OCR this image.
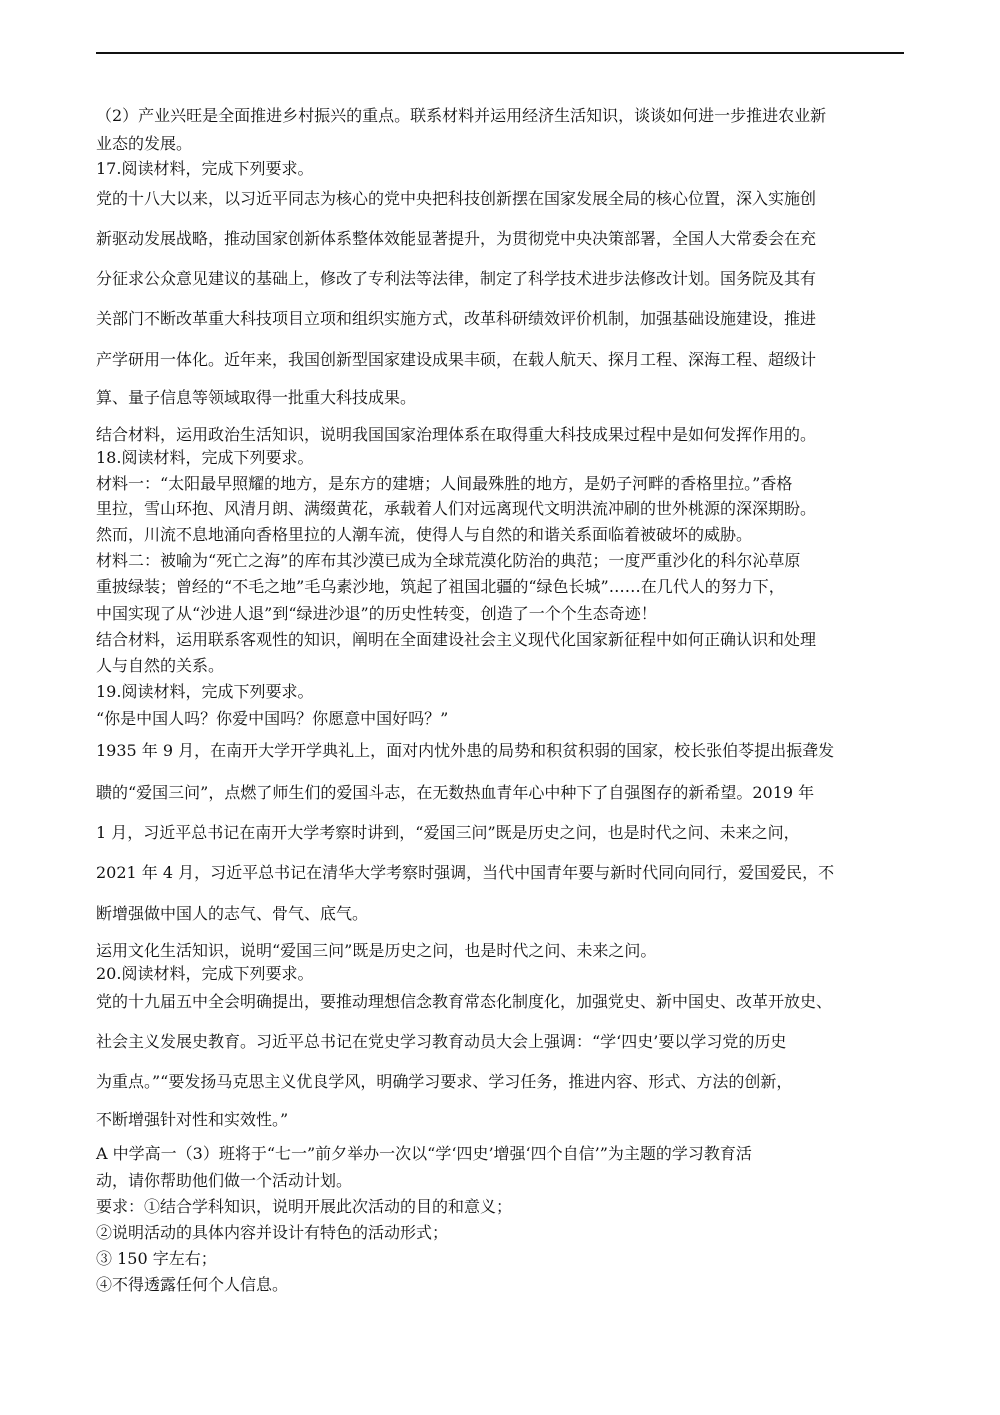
（2）产业兴旺是全面推进乡村振兴的重点。联系材料并运用经济生活知识，谈谈如何进一步推进农业新
业态的发展。
17.阅读材料，完成下列要求。
党的十八大以来，以习近平同志为核心的党中央把科技创新摆在国家发展全局的核心位置，深入实施创
新驱动发展战略，推动国家创新体系整体效能显著提升，为贯彻党中央决策部署，全国人大常委会在充
分征求公众意见建议的基础上，修改了专利法等法律，制定了科学技术进步法修改计划。国务院及其有
关部门不断改革重大科技项目立项和组织实施方式，改革科研绩效评价机制，加强基础设施建设，推进
产学研用一体化。近年来，我国创新型国家建设成果丰硕，在载人航天、探月工程、深海工程、超级计
算、量子信息等领域取得一批重大科技成果。
结合材料，运用政治生活知识，说明我国国家治理体系在取得重大科技成果过程中是如何发挥作用的。
18.阅读材料，完成下列要求。
材料一：“太阳最早照耀的地方，是东方的建塘；人间最殊胜的地方，是奶子河畔的香格里拉。”香格
里拉，雪山环抱、风清月朗、满缀黄花，承载着人们对远离现代文明洪流冲刷的世外桃源的深深期盼。
然而，川流不息地涌向香格里拉的人潮车流，使得人与自然的和谐关系面临着被破坏的威胁。
材料二：被喻为“死亡之海”的库布其沙漠已成为全球荒漠化防治的典范；一度严重沙化的科尔沁草原
重披绿装；曾经的“不毛之地”毛乌素沙地，筑起了祖国北疆的“绿色长城”……在几代人的努力下，
中国实现了从“沙进人退”到“绿进沙退”的历史性转变，创造了一个个生态奇迹！
结合材料，运用联系客观性的知识，阐明在全面建设社会主义现代化国家新征程中如何正确认识和处理
人与自然的关系。
19.阅读材料，完成下列要求。
“你是中国人吗？你爱中国吗？你愿意中国好吗？”
1935 年 9 月，在南开大学开学典礼上，面对内忧外患的局势和积贫积弱的国家，校长张伯苓提出振聋发
聩的“爱国三问”，点燃了师生们的爱国斗志，在无数热血青年心中种下了自强图存的新希望。2019 年
1 月，习近平总书记在南开大学考察时讲到，“爱国三问”既是历史之问，也是时代之问、未来之问，
2021 年 4 月，习近平总书记在清华大学考察时强调，当代中国青年要与新时代同向同行，爱国爱民，不
断增强做中国人的志气、骨气、底气。
运用文化生活知识，说明“爱国三问”既是历史之问，也是时代之问、未来之问。
20.阅读材料，完成下列要求。
党的十九届五中全会明确提出，要推动理想信念教育常态化制度化，加强党史、新中国史、改革开放史、
社会主义发展史教育。习近平总书记在党史学习教育动员大会上强调：“学‘四史’要以学习党的历史
为重点。”“要发扬马克思主义优良学风，明确学习要求、学习任务，推进内容、形式、方法的创新，
不断增强针对性和实效性。”
A 中学高一（3）班将于“七一”前夕举办一次以“学‘四史’增强‘四个自信’”为主题的学习教育活
动，请你帮助他们做一个活动计划。
要求：①结合学科知识，说明开展此次活动的目的和意义；
②说明活动的具体内容并设计有特色的活动形式；
③ 150 字左右；
④不得透露任何个人信息。
